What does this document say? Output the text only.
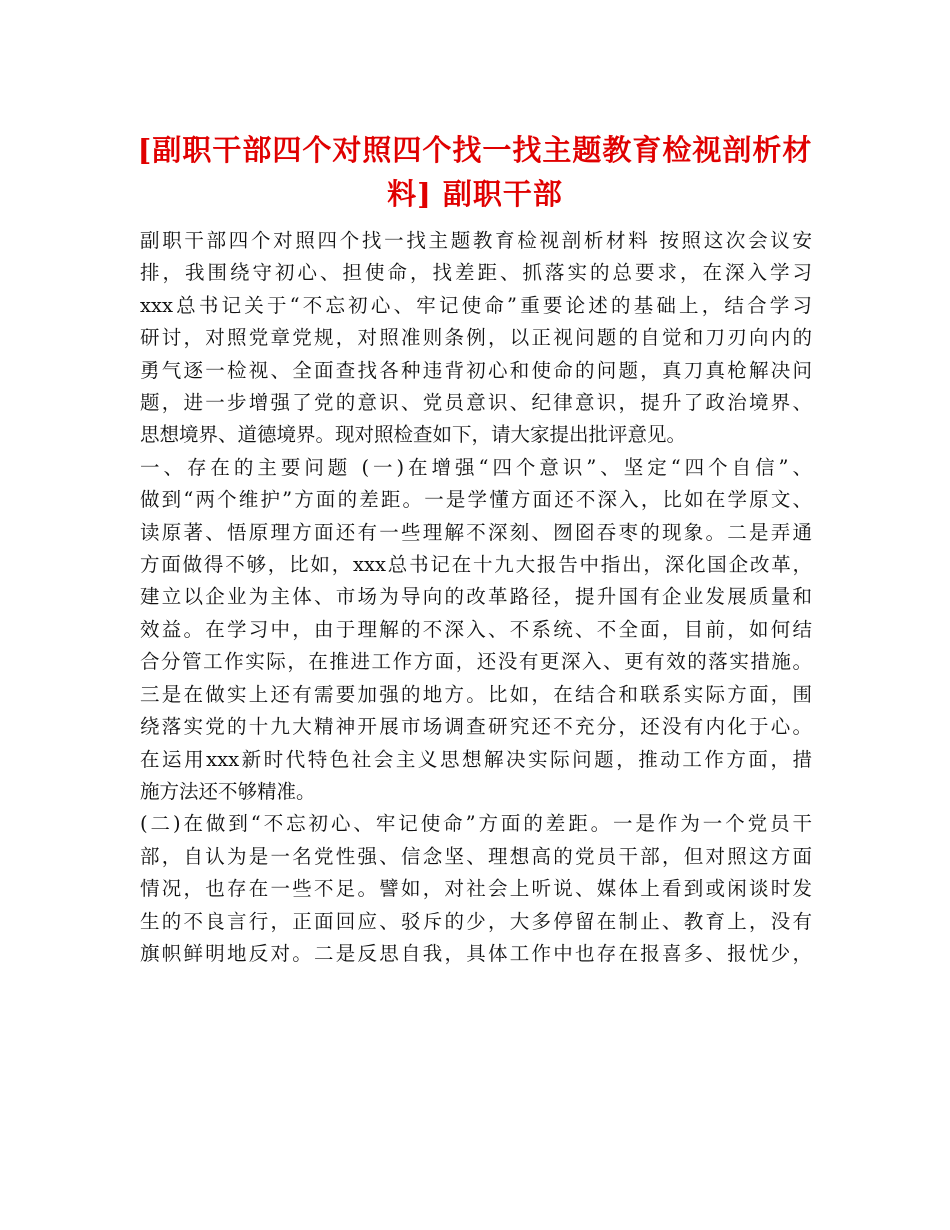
[副职干部四个对照四个找一找主题教育检视剖析材
料] 副职干部
副职干部四个对照四个找一找主题教育检视剖析材料 按照这次会议安
排，我围绕守初心、担使命，找差距、抓落实的总要求，在深入学习
xxx总书记关于“不忘初心、牢记使命”重要论述的基础上，结合学习
研讨，对照党章党规，对照准则条例，以正视问题的自觉和刀刃向内的
勇气逐一检视、全面查找各种违背初心和使命的问题，真刀真枪解决问
题，进一步增强了党的意识、党员意识、纪律意识，提升了政治境界、
思想境界、道德境界。现对照检查如下，请大家提出批评意见。
一、存在的主要问题 (一)在增强“四个意识”、坚定“四个自信”、
做到“两个维护”方面的差距。一是学懂方面还不深入，比如在学原文、
读原著、悟原理方面还有一些理解不深刻、囫囵吞枣的现象。二是弄通
方面做得不够，比如，xxx总书记在十九大报告中指出，深化国企改革，
建立以企业为主体、市场为导向的改革路径，提升国有企业发展质量和
效益。在学习中，由于理解的不深入、不系统、不全面，目前，如何结
合分管工作实际，在推进工作方面，还没有更深入、更有效的落实措施。
三是在做实上还有需要加强的地方。比如，在结合和联系实际方面，围
绕落实党的十九大精神开展市场调查研究还不充分，还没有内化于心。
在运用xxx新时代特色社会主义思想解决实际问题，推动工作方面，措
施方法还不够精准。
(二)在做到“不忘初心、牢记使命”方面的差距。一是作为一个党员干
部，自认为是一名党性强、信念坚、理想高的党员干部，但对照这方面
情况，也存在一些不足。譬如，对社会上听说、媒体上看到或闲谈时发
生的不良言行，正面回应、驳斥的少，大多停留在制止、教育上，没有
旗帜鲜明地反对。二是反思自我，具体工作中也存在报喜多、报忧少，
